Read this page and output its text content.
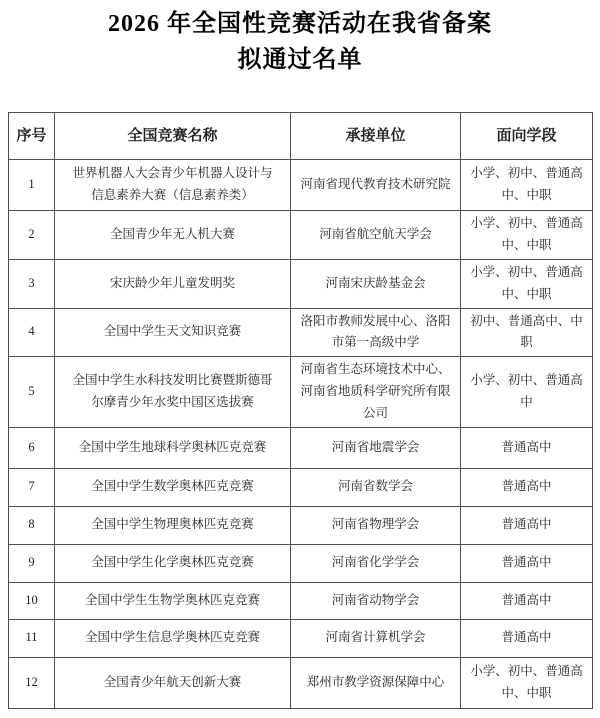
2026 年全国性竞赛活动在我省备案
拟通过名单
序号	全国竞赛名称	承接单位	面向学段
1	世界机器人大会青少年机器人设计与信息素养大赛（信息素养类）	河南省现代教育技术研究院	小学、初中、普通高中、中职
2	全国青少年无人机大赛	河南省航空航天学会	小学、初中、普通高中、中职
3	宋庆龄少年儿童发明奖	河南宋庆龄基金会	小学、初中、普通高中、中职
4	全国中学生天文知识竞赛	洛阳市教师发展中心、洛阳市第一高级中学	初中、普通高中、中职
5	全国中学生水科技发明比赛暨斯德哥尔摩青少年水奖中国区选拔赛	河南省生态环境技术中心、河南省地质科学研究所有限公司	小学、初中、普通高中
6	全国中学生地球科学奥林匹克竞赛	河南省地震学会	普通高中
7	全国中学生数学奥林匹克竞赛	河南省数学会	普通高中
8	全国中学生物理奥林匹克竞赛	河南省物理学会	普通高中
9	全国中学生化学奥林匹克竞赛	河南省化学学会	普通高中
10	全国中学生生物学奥林匹克竞赛	河南省动物学会	普通高中
11	全国中学生信息学奥林匹克竞赛	河南省计算机学会	普通高中
12	全国青少年航天创新大赛	郑州市教学资源保障中心	小学、初中、普通高中、中职
